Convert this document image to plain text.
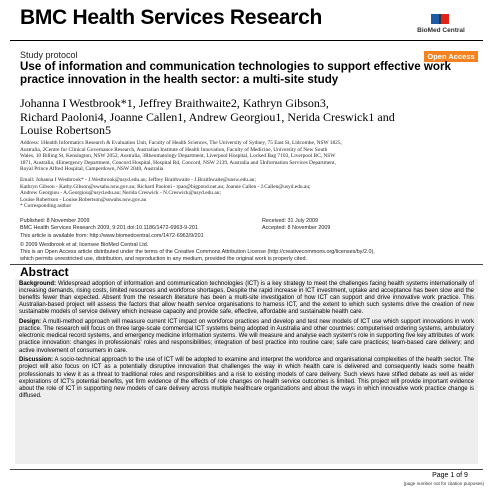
BMC Health Services Research
BioMed Central
Study protocol	Open Access
Use of information and communication technologies to support effective work practice innovation in the health sector: a multi-site study
Johanna I Westbrook*1, Jeffrey Braithwaite2, Kathryn Gibson3,
Richard Paoloni4, Joanne Callen1, Andrew Georgiou1, Nerida Creswick1 and
Louise Robertson5
Address: 1Health Informatics Research & Evaluation Unit, Faculty of Health Sciences, The University of Sydney, 75 East St, Lidcombe, NSW 1825,
Australia, 2Centre for Clinical Governance Research, Australian Institute of Health Innovation, Faculty of Medicine, University of New South
Wales, 10 Billing St, Kensington, NSW 2052, Australia, 3Rheumatology Department, Liverpool Hospital, Locked Bag 7103, Liverpool BC, NSW
1871, Australia, 4Emergency Department, Concord Hospital, Hospital Rd, Concord, NSW 2139, Australia and 5Information Services Department,
Royal Prince Alfred Hospital, Camperdown, NSW 2040, Australia
Email: Johanna I Westbrook* - J.Westbrook@usyd.edu.au; Jeffrey Braithwaite - J.Braithwaite@unsw.edu.au;
Kathryn Gibson - Kathy.Gibson@swsahs.nsw.gov.au; Richard Paoloni - rpao@bigpond.net.au; Joanne Callen - J.Callen@usyd.edu.au;
Andrew Georgiou - A.Georgiou@usyd.edu.au; Nerida Creswick - N.Creswick@usyd.edu.au;
Louise Robertson - Louise.Robertson@sswahs.nsw.gov.au
* Corresponding author
Published: 8 November 2009
BMC Health Services Research 2009, 9:201 doi:10.1186/1472-6963-9-201
Received: 31 July 2009
Accepted: 8 November 2009
This article is available from: http://www.biomedcentral.com/1472-6963/9/201
© 2009 Westbrook et al; licensee BioMed Central Ltd.
This is an Open Access article distributed under the terms of the Creative Commons Attribution License (http://creativecommons.org/licenses/by/2.0),
which permits unrestricted use, distribution, and reproduction in any medium, provided the original work is properly cited.
Abstract

Background: Widespread adoption of information and communication technologies (ICT) is a key strategy to meet the challenges facing health systems internationally of increasing demands, rising costs, limited resources and workforce shortages. Despite the rapid increase in ICT investment, uptake and acceptance has been slow and the benefits fewer than expected. Absent from the research literature has been a multi-site investigation of how ICT can support and drive innovative work practice. This Australian-based project will assess the factors that allow health service organisations to harness ICT, and the extent to which such systems drive the creation of new sustainable models of service delivery which increase capacity and provide safe, effective, affordable and sustainable health care.

Design: A multi-method approach will measure current ICT impact on workforce practices and develop and test new models of ICT use which support innovations in work practice. The research will focus on three large-scale commercial ICT systems being adopted in Australia and other countries: computerised ordering systems, ambulatory electronic medical record systems, and emergency medicine information systems. We will measure and analyse each system's role in supporting five key attributes of work practice innovation: changes in professionals' roles and responsibilities; integration of best practice into routine care; safe care practices; team-based care delivery; and active involvement of consumers in care.

Discussion: A socio-technical approach to the use of ICT will be adopted to examine and interpret the workforce and organisational complexities of the health sector. The project will also focus on ICT as a potentially disruptive innovation that challenges the way in which health care is delivered and consequently leads some health professionals to view it as a threat to traditional roles and responsibilities and a risk to existing models of care delivery. Such views have stifled debate as well as wider explorations of ICT's potential benefits, yet firm evidence of the effects of role changes on health service outcomes is limited. This project will provide important evidence about the role of ICT in supporting new models of care delivery across multiple healthcare organizations and about the ways in which innovative work practice change is diffused.

Page 1 of 9
(page number not for citation purposes)
